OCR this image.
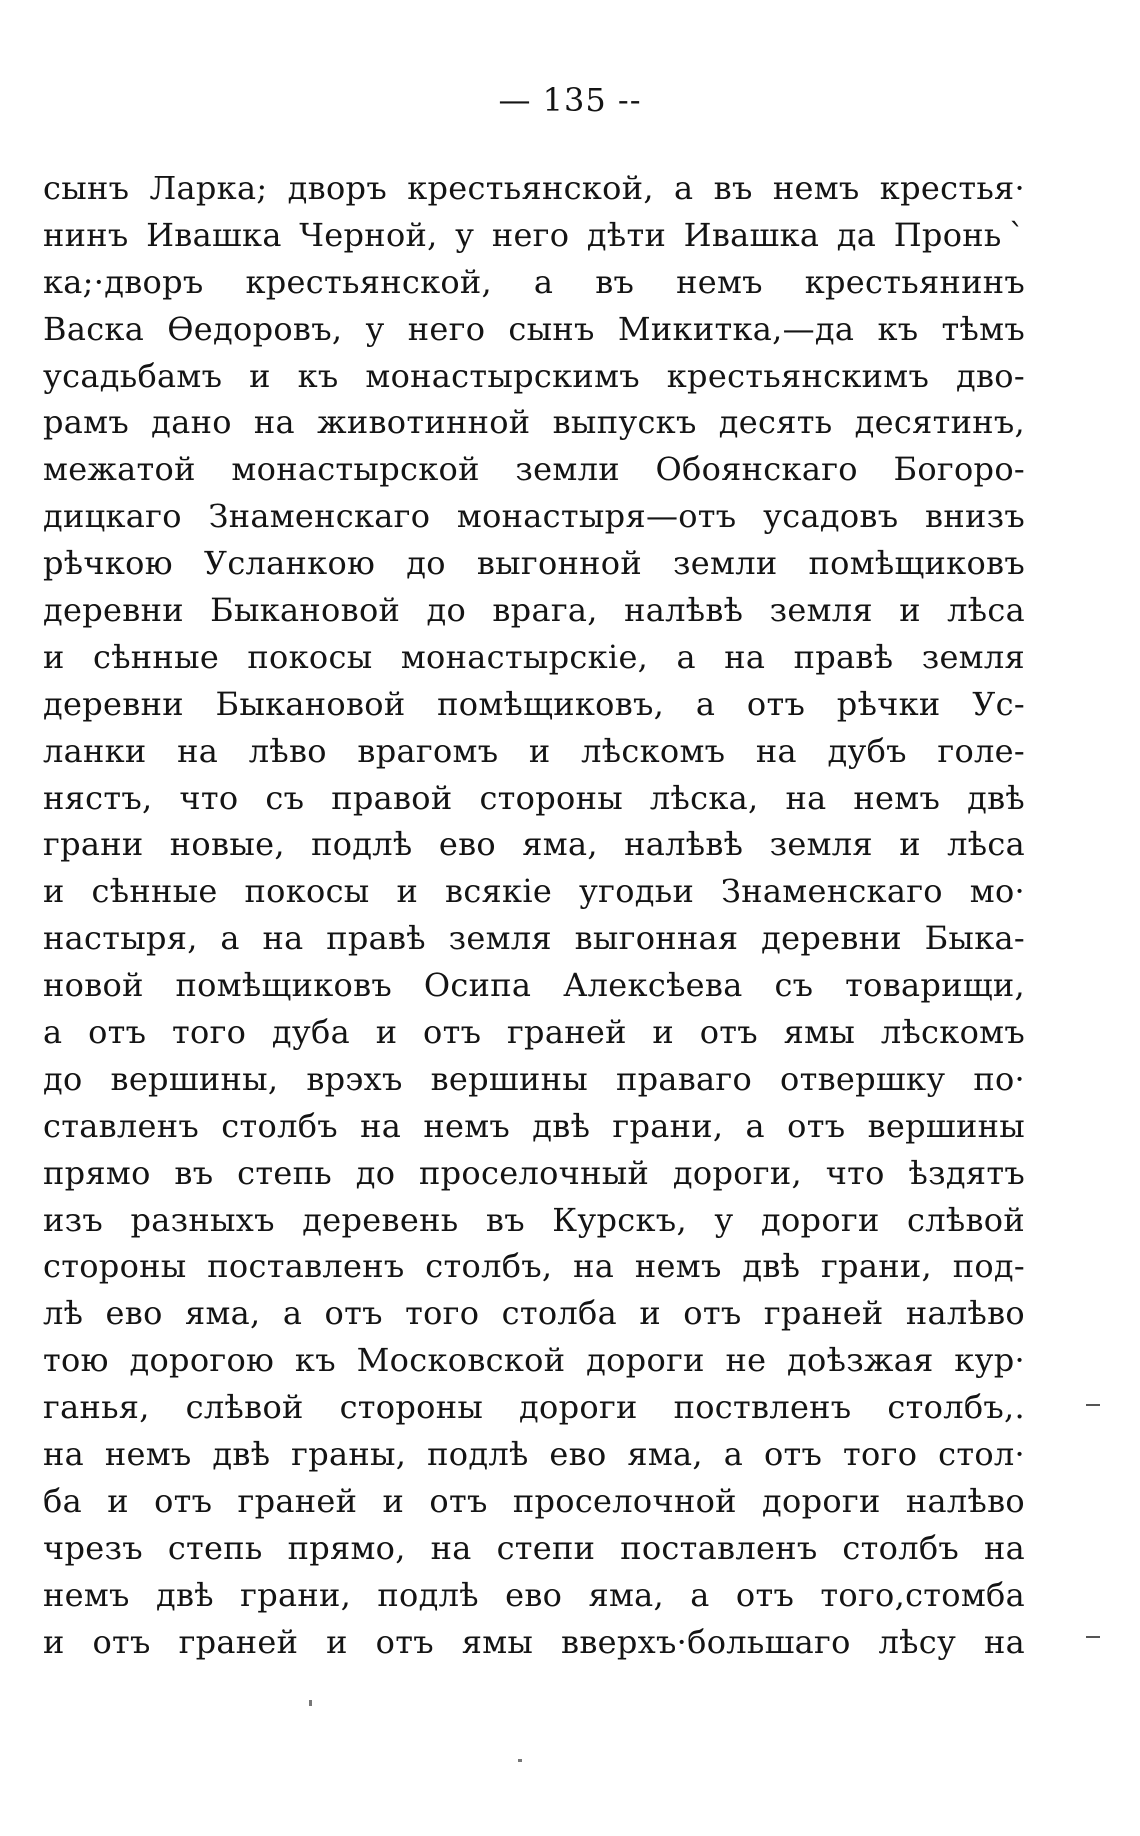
— 135 --
сынъ Ларка; дворъ крестьянской, а въ немъ крестья·
нинъ Ивашка Черной, у него дѣти Ивашка да Проньˋ
ка;·дворъ крестьянской, а въ немъ крестьянинъ
Васка Өедоровъ, у него сынъ Микитка,—да къ тѣмъ
усадьбамъ и къ монастырскимъ крестьянскимъ дво-
рамъ дано на животинной выпускъ десять десятинъ,
межатой монастырской земли Обоянскаго Богоро-
дицкаго Знаменскаго монастыря—отъ усадовъ внизъ
рѣчкою Усланкою до выгонной земли помѣщиковъ
деревни Быкановой до врага, налѣвѣ земля и лѣса
и сѣнные покосы монастырскіе, а на правѣ земля
деревни Быкановой помѣщиковъ, а отъ рѣчки Ус-
ланки на лѣво врагомъ и лѣскомъ на дубъ голе-
нястъ, что съ правой стороны лѣска, на немъ двѣ
грани новые, подлѣ ево яма, налѣвѣ земля и лѣса
и сѣнные покосы и всякіе угодьи Знаменскаго мо·
настыря, а на правѣ земля выгонная деревни Быка-
новой помѣщиковъ Осипа Алексѣева съ товарищи,
а отъ того дуба и отъ граней и отъ ямы лѣскомъ
до вершины, врэхъ вершины праваго отвершку по·
ставленъ столбъ на немъ двѣ грани, а отъ вершины
прямо въ степь до проселочный дороги, что ѣздятъ
изъ разныхъ деревень въ Курскъ, у дороги слѣвой
стороны поставленъ столбъ, на немъ двѣ грани, под-
лѣ ево яма, а отъ того столба и отъ граней налѣво
тою дорогою къ Московской дороги не доѣзжая кур·
ганья, слѣвой стороны дороги поствленъ столбъ,.
на немъ двѣ граны, подлѣ ево яма, а отъ того стол·
ба и отъ граней и отъ проселочной дороги налѣво
чрезъ степь прямо, на степи поставленъ столбъ на
немъ двѣ грани, подлѣ ево яма, а отъ того,стомба
и отъ граней и отъ ямы вверхъ·большаго лѣсу на
